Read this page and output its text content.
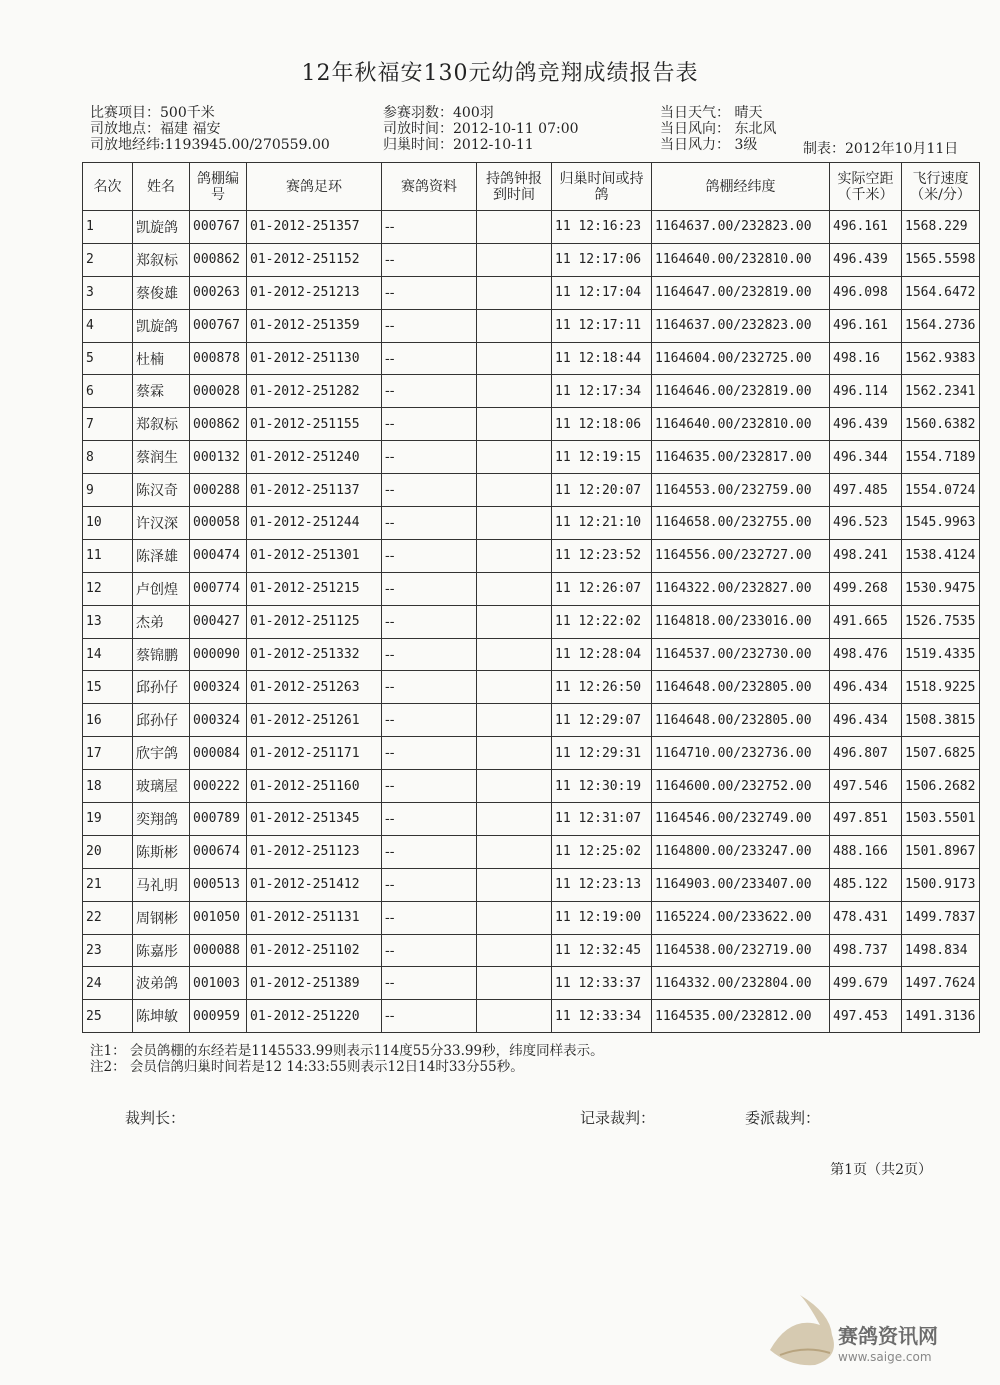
12年秋福安130元幼鸽竞翔成绩报告表
比赛项目：500千米
司放地点：福建 福安
司放地经纬:1193945.00/270559.00
参赛羽数：400羽
司放时间：2012-10-11 07:00
归巢时间：2012-10-11
当日天气： 晴天
当日风向： 东北风
当日风力： 3级	制表：2012年10月11日
名次	姓名	鸽棚编号	赛鸽足环	赛鸽资料	持鸽钟报到时间	归巢时间或持鸽	鸽棚经纬度	实际空距（千米）	飞行速度（米/分）
1	凯旋鸽	000767	01-2012-251357	--		11 12:16:23	1164637.00/232823.00	496.161	1568.229
2	郑叙标	000862	01-2012-251152	--		11 12:17:06	1164640.00/232810.00	496.439	1565.5598
3	蔡俊雄	000263	01-2012-251213	--		11 12:17:04	1164647.00/232819.00	496.098	1564.6472
4	凯旋鸽	000767	01-2012-251359	--		11 12:17:11	1164637.00/232823.00	496.161	1564.2736
5	杜楠	000878	01-2012-251130	--		11 12:18:44	1164604.00/232725.00	498.16	1562.9383
6	蔡霖	000028	01-2012-251282	--		11 12:17:34	1164646.00/232819.00	496.114	1562.2341
7	郑叙标	000862	01-2012-251155	--		11 12:18:06	1164640.00/232810.00	496.439	1560.6382
8	蔡润生	000132	01-2012-251240	--		11 12:19:15	1164635.00/232817.00	496.344	1554.7189
9	陈汉奇	000288	01-2012-251137	--		11 12:20:07	1164553.00/232759.00	497.485	1554.0724
10	许汉深	000058	01-2012-251244	--		11 12:21:10	1164658.00/232755.00	496.523	1545.9963
11	陈泽雄	000474	01-2012-251301	--		11 12:23:52	1164556.00/232727.00	498.241	1538.4124
12	卢创煌	000774	01-2012-251215	--		11 12:26:07	1164322.00/232827.00	499.268	1530.9475
13	杰弟	000427	01-2012-251125	--		11 12:22:02	1164818.00/233016.00	491.665	1526.7535
14	蔡锦鹏	000090	01-2012-251332	--		11 12:28:04	1164537.00/232730.00	498.476	1519.4335
15	邱孙仔	000324	01-2012-251263	--		11 12:26:50	1164648.00/232805.00	496.434	1518.9225
16	邱孙仔	000324	01-2012-251261	--		11 12:29:07	1164648.00/232805.00	496.434	1508.3815
17	欣宇鸽	000084	01-2012-251171	--		11 12:29:31	1164710.00/232736.00	496.807	1507.6825
18	玻璃屋	000222	01-2012-251160	--		11 12:30:19	1164600.00/232752.00	497.546	1506.2682
19	奕翔鸽	000789	01-2012-251345	--		11 12:31:07	1164546.00/232749.00	497.851	1503.5501
20	陈斯彬	000674	01-2012-251123	--		11 12:25:02	1164800.00/233247.00	488.166	1501.8967
21	马礼明	000513	01-2012-251412	--		11 12:23:13	1164903.00/233407.00	485.122	1500.9173
22	周钢彬	001050	01-2012-251131	--		11 12:19:00	1165224.00/233622.00	478.431	1499.7837
23	陈嘉彤	000088	01-2012-251102	--		11 12:32:45	1164538.00/232719.00	498.737	1498.834
24	波弟鸽	001003	01-2012-251389	--		11 12:33:37	1164332.00/232804.00	499.679	1497.7624
25	陈坤敏	000959	01-2012-251220	--		11 12:33:34	1164535.00/232812.00	497.453	1491.3136
注1： 会员鸽棚的东经若是1145533.99则表示114度55分33.99秒，纬度同样表示。
注2： 会员信鸽归巢时间若是12 14:33:55则表示12日14时33分55秒。
裁判长：	记录裁判：	委派裁判：
第1页（共2页）
赛鸽资讯网
www.saige.com
